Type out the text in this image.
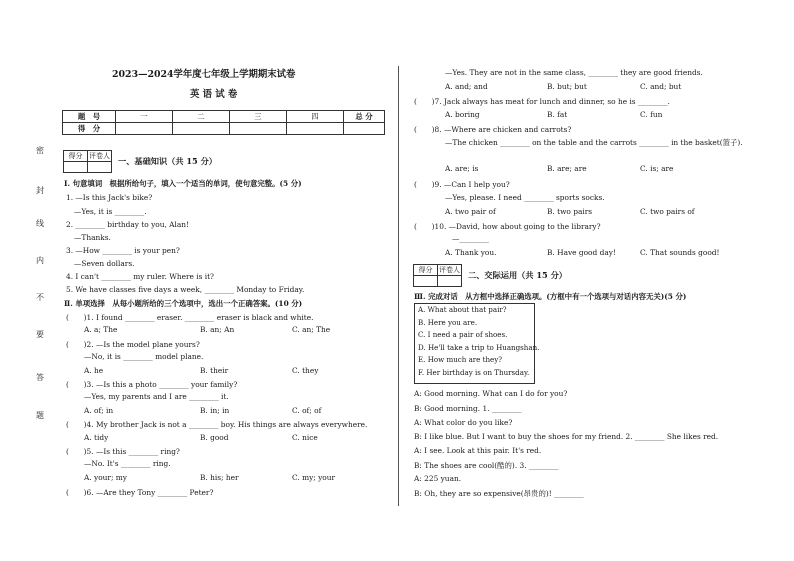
2023—2024学年度七年级上学期期末试卷
英 语 试 卷
题　号	一	二	三	四	总 分
得　分					
密
封
线
内
不
要
答
题
得分	评卷人
	一、基础知识（共 15 分）
Ⅰ. 句意填词　根据所给句子，填入一个适当的单词，使句意完整。(5 分)
1. —Is this Jack's bike?
—Yes, it is ________.
2. ________ birthday to you, Alan!
—Thanks.
3. —How ________ is your pen?
—Seven dollars.
4. I can't ________ my ruler. Where is it?
5. We have classes five days a week, ________ Monday to Friday.
Ⅱ. 单项选择　从每小题所给的三个选项中，选出一个正确答案。(10 分)
(　　)1. I found ________ eraser. ________ eraser is black and white.
A. a; The	B. an; An	C. an; The
(　　)2. —Is the model plane yours?
—No, it is ________ model plane.
A. he	B. their	C. they
(　　)3. —Is this a photo ________ your family?
—Yes, my parents and I are ________ it.
A. of; in	B. in; in	C. of; of
(　　)4. My brother Jack is not a ________ boy. His things are always everywhere.
A. tidy	B. good	C. nice
(　　)5. —Is this ________ ring?
—No. It's ________ ring.
A. your; my	B. his; her	C. my; your
(　　)6. —Are they Tony ________ Peter?
—Yes. They are not in the same class, ________ they are good friends.
A. and; and	B. but; but	C. and; but
(　　)7. Jack always has meat for lunch and dinner, so he is ________.
A. boring	B. fat	C. fun
(　　)8. —Where are chicken and carrots?
—The chicken ________ on the table and the carrots ________ in the basket(篮子).
A. are; is	B. are; are	C. is; are
(　　)9. —Can I help you?
—Yes, please. I need ________ sports socks.
A. two pair of	B. two pairs	C. two pairs of
(　　)10. —David, how about going to the library?
—________
A. Thank you.	B. Have good day!	C. That sounds good!
得分	评卷人
	二、交际运用（共 15 分）
Ⅲ. 完成对话　从方框中选择正确选项。(方框中有一个选项与对话内容无关)(5 分)
A. What about that pair?
B. Here you are.
C. I need a pair of shoes.
D. He'll take a trip to Huangshan.
E. How much are they?
F. Her birthday is on Thursday.
A: Good morning. What can I do for you?
B: Good morning. 1. ________
A: What color do you like?
B: I like blue. But I want to buy the shoes for my friend. 2. ________ She likes red.
A: I see. Look at this pair. It's red.
B: The shoes are cool(酷的). 3. ________
A: 225 yuan.
B: Oh, they are so expensive(昂贵的)! ________
